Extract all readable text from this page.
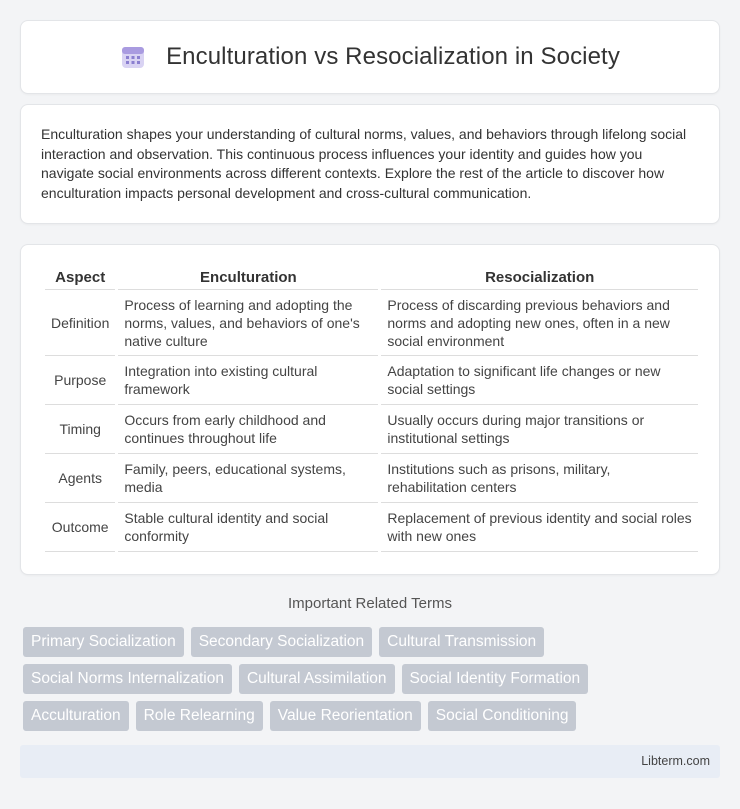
Enculturation vs Resocialization in Society

Enculturation shapes your understanding of cultural norms, values, and behaviors through lifelong social interaction and observation. This continuous process influences your identity and guides how you navigate social environments across different contexts. Explore the rest of the article to discover how enculturation impacts personal development and cross-cultural communication.

Aspect	Enculturation	Resocialization
Definition	Process of learning and adopting the norms, values, and behaviors of one's native culture	Process of discarding previous behaviors and norms and adopting new ones, often in a new social environment
Purpose	Integration into existing cultural framework	Adaptation to significant life changes or new social settings
Timing	Occurs from early childhood and continues throughout life	Usually occurs during major transitions or institutional settings
Agents	Family, peers, educational systems, media	Institutions such as prisons, military, rehabilitation centers
Outcome	Stable cultural identity and social conformity	Replacement of previous identity and social roles with new ones
Important Related Terms
Primary Socialization	Secondary Socialization	Cultural Transmission
Social Norms Internalization	Cultural Assimilation	Social Identity Formation
Acculturation	Role Relearning	Value Reorientation	Social Conditioning
Libterm.com
